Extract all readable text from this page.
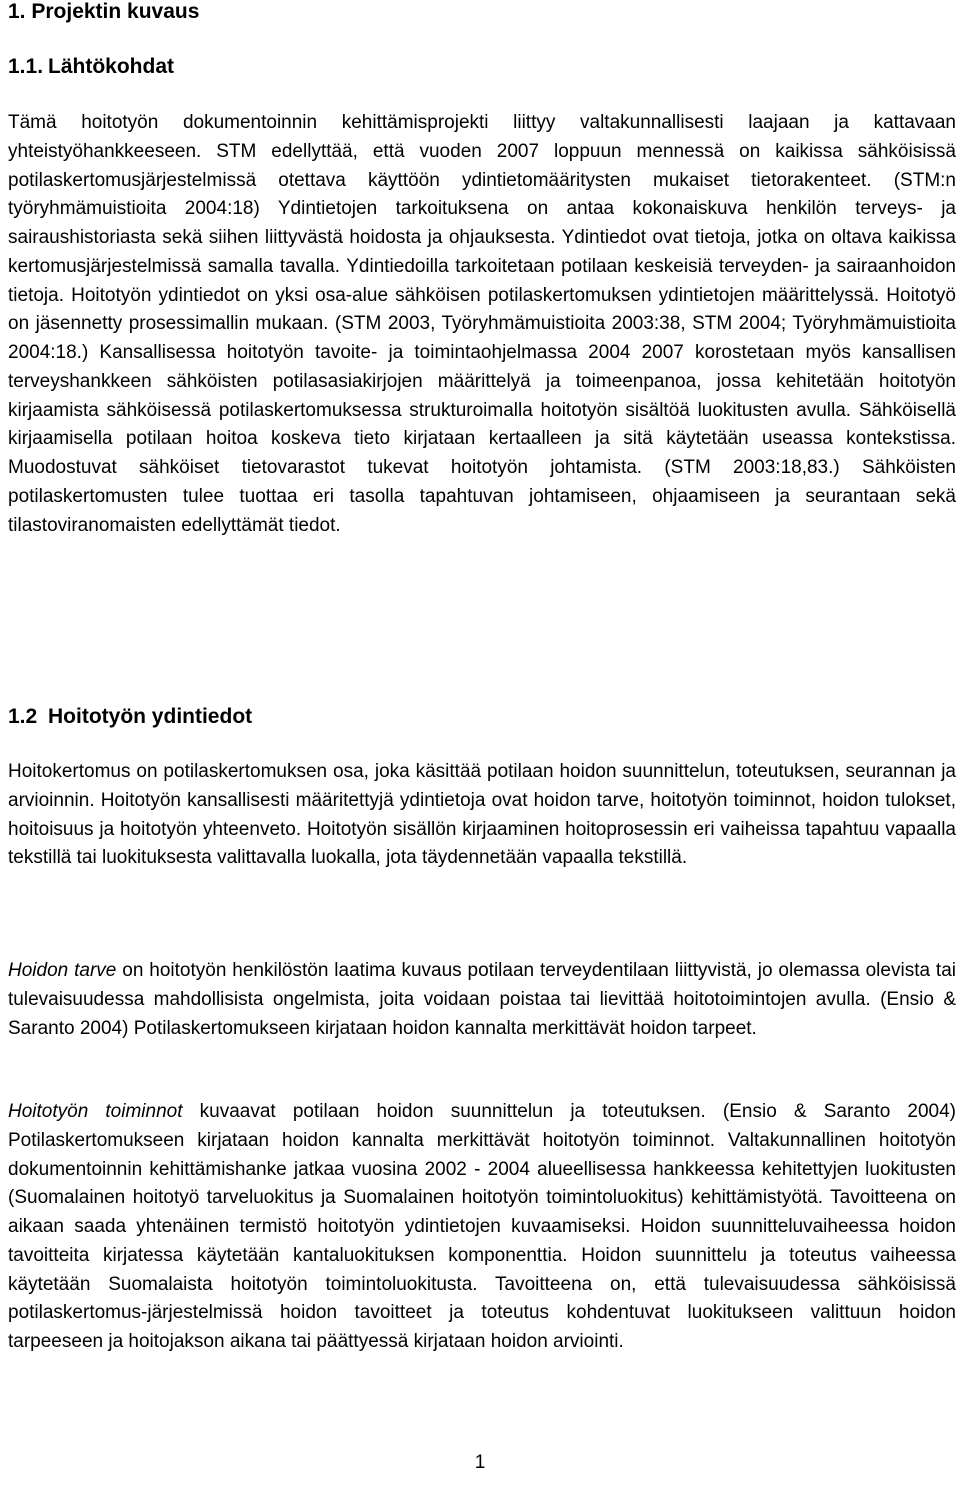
1. Projektin kuvaus
1.1. Lähtökohdat

Tämä hoitotyön dokumentoinnin kehittämisprojekti liittyy valtakunnallisesti laajaan ja kattavaan yhteistyöhankkeeseen. STM edellyttää, että vuoden 2007 loppuun mennessä on kaikissa sähköisissä potilaskertomusjärjestelmissä otettava käyttöön ydintietomääritysten mukaiset tietorakenteet. (STM:n työryhmämuistioita 2004:18) Ydintietojen tarkoituksena on antaa kokonaiskuva henkilön terveys- ja sairaushistoriasta sekä siihen liittyvästä hoidosta ja ohjauksesta. Ydintiedot ovat tietoja, jotka on oltava kaikissa kertomusjärjestelmissä samalla tavalla. Ydintiedoilla tarkoitetaan potilaan keskeisiä terveyden- ja sairaanhoidon tietoja. Hoitotyön ydintiedot on yksi osa-alue sähköisen potilaskertomuksen ydintietojen määrittelyssä. Hoitotyö on jäsennetty prosessimallin mukaan. (STM 2003, Työryhmämuistioita 2003:38, STM 2004; Työryhmämuistioita 2004:18.) Kansallisessa hoitotyön tavoite- ja toimintaohjelmassa 2004 2007 korostetaan myös kansallisen terveyshankkeen sähköisten potilasasiakirjojen määrittelyä ja toimeenpanoa, jossa kehitetään hoitotyön kirjaamista sähköisessä potilaskertomuksessa strukturoimalla hoitotyön sisältöä luokitusten avulla. Sähköisellä kirjaamisella potilaan hoitoa koskeva tieto kirjataan kertaalleen ja sitä käytetään useassa kontekstissa. Muodostuvat sähköiset tietovarastot tukevat hoitotyön johtamista. (STM 2003:18,83.) Sähköisten potilaskertomusten tulee tuottaa eri tasolla tapahtuvan johtamiseen, ohjaamiseen ja seurantaan sekä tilastoviranomaisten edellyttämät tiedot.

1.2 Hoitotyön ydintiedot

Hoitokertomus on potilaskertomuksen osa, joka käsittää potilaan hoidon suunnittelun, toteutuksen, seurannan ja arvioinnin. Hoitotyön kansallisesti määritettyjä ydintietoja ovat hoidon tarve, hoitotyön toiminnot, hoidon tulokset, hoitoisuus ja hoitotyön yhteenveto. Hoitotyön sisällön kirjaaminen hoitoprosessin eri vaiheissa tapahtuu vapaalla tekstillä tai luokituksesta valittavalla luokalla, jota täydennetään vapaalla tekstillä.

Hoidon tarve on hoitotyön henkilöstön laatima kuvaus potilaan terveydentilaan liittyvistä, jo olemassa olevista tai tulevaisuudessa mahdollisista ongelmista, joita voidaan poistaa tai lievittää hoitotoimintojen avulla. (Ensio & Saranto 2004) Potilaskertomukseen kirjataan hoidon kannalta merkittävät hoidon tarpeet.

Hoitotyön toiminnot kuvaavat potilaan hoidon suunnittelun ja toteutuksen. (Ensio & Saranto 2004) Potilaskertomukseen kirjataan hoidon kannalta merkittävät hoitotyön toiminnot. Valtakunnallinen hoitotyön dokumentoinnin kehittämishanke jatkaa vuosina 2002 - 2004 alueellisessa hankkeessa kehitettyjen luokitusten (Suomalainen hoitotyö tarveluokitus ja Suomalainen hoitotyön toimintoluokitus) kehittämistyötä. Tavoitteena on aikaan saada yhtenäinen termistö hoitotyön ydintietojen kuvaamiseksi. Hoidon suunnitteluvaiheessa hoidon tavoitteita kirjatessa käytetään kantaluokituksen komponenttia. Hoidon suunnittelu ja toteutus vaiheessa käytetään Suomalaista hoitotyön toimintoluokitusta. Tavoitteena on, että tulevaisuudessa sähköisissä potilaskertomus-järjestelmissä hoidon tavoitteet ja toteutus kohdentuvat luokitukseen valittuun hoidon tarpeeseen ja hoitojakson aikana tai päättyessä kirjataan hoidon arviointi.

1
